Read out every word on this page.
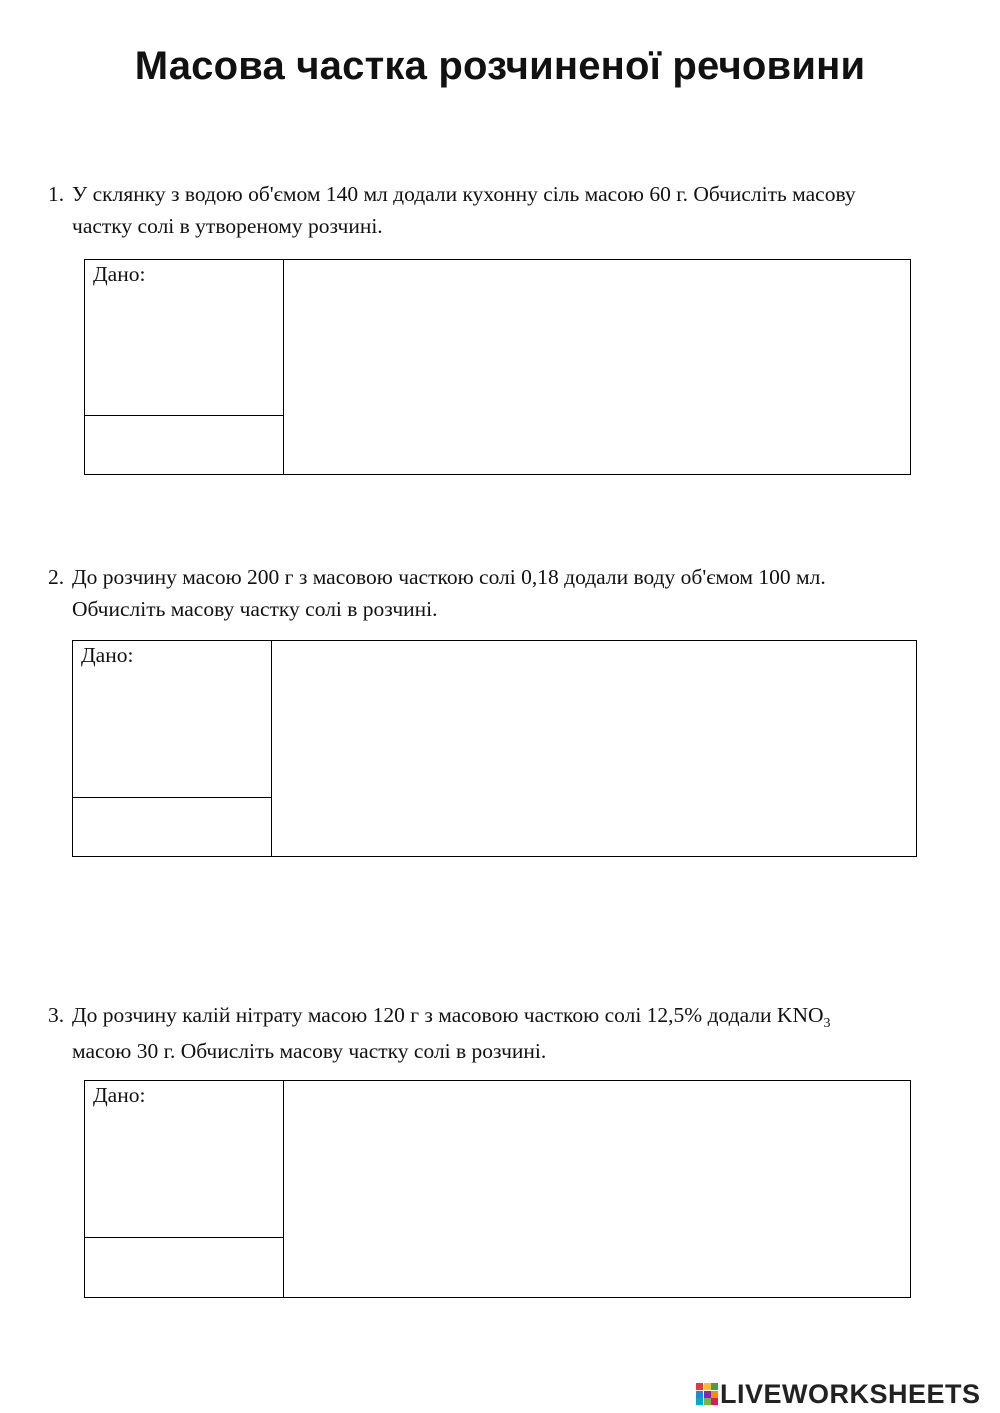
Масова частка розчиненої речовини
1. У склянку з водою об'ємом 140 мл додали кухонну сіль масою 60 г. Обчисліть масову
частку солі в утвореному розчині.
Дано:
2. До розчину масою 200 г з масовою часткою солі 0,18 додали воду об'ємом 100 мл.
Обчисліть масову частку солі в розчині.
Дано:
3. До розчину калій нітрату масою 120 г з масовою часткою солі 12,5% додали $KNO_3$
масою 30 г. Обчисліть масову частку солі в розчині.
Дано:
LIVEWORKSHEETS
